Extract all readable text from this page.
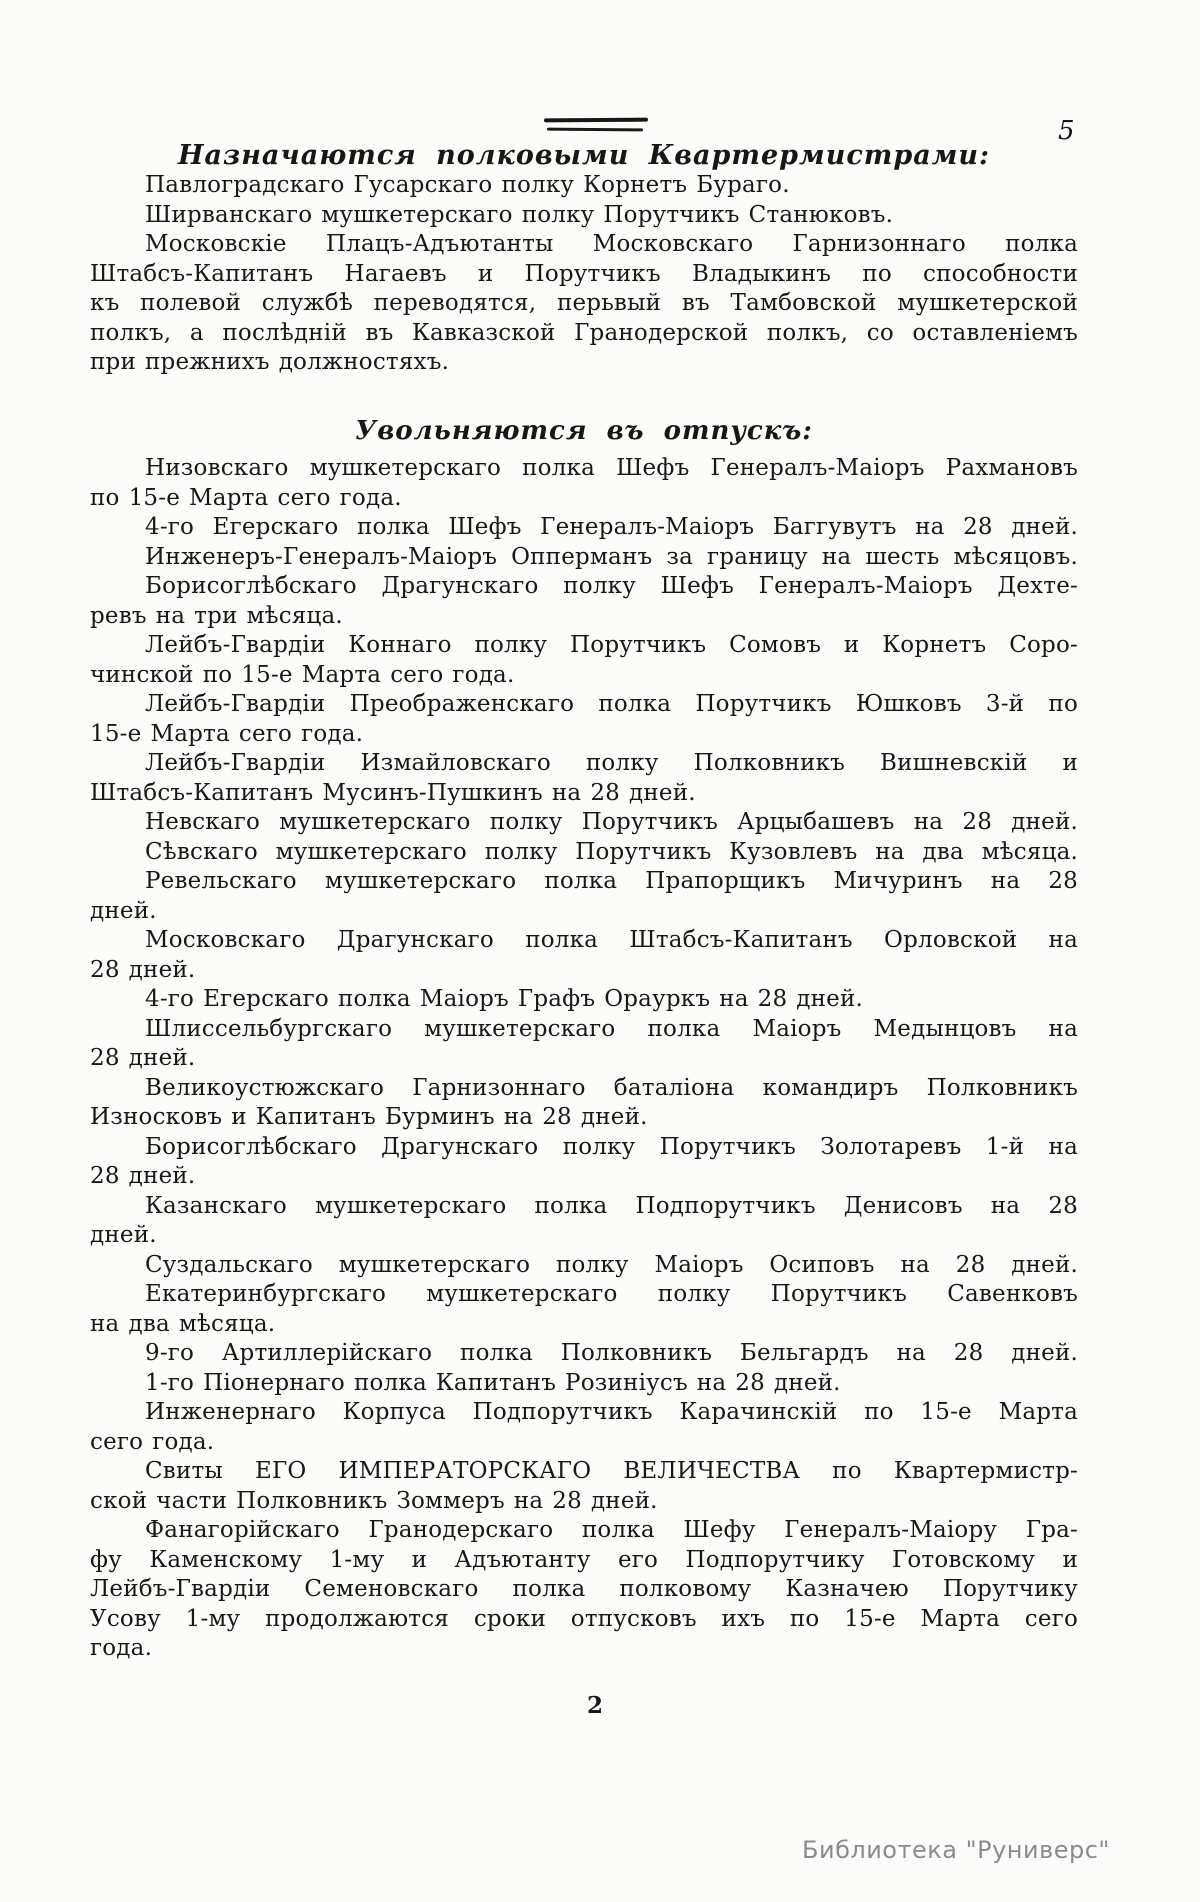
5
Назначаются полковыми Квартермистрами:
Павлоградскаго Гусарскаго полку Корнетъ Бураго.
Ширванскаго мушкетерскаго полку Порутчикъ Станюковъ.
Московскіе Плацъ-Адъютанты Московскаго Гарнизоннаго полка
Штабсъ-Капитанъ Нагаевъ и Порутчикъ Владыкинъ по способности
къ полевой службѣ переводятся, перьвый въ Тамбовской мушкетерской
полкъ, а послѣдній въ Кавказской Гранодерской полкъ, со оставленіемъ
при прежнихъ должностяхъ.
Увольняются въ отпускъ:
Низовскаго мушкетерскаго полка Шефъ Генералъ-Маіоръ Рахмановъ
по 15-е Марта сего года.
4-го Егерскаго полка Шефъ Генералъ-Маіоръ Баггувутъ на 28 дней.
Инженеръ-Генералъ-Маіоръ Опперманъ за границу на шесть мѣсяцовъ.
Борисоглѣбскаго Драгунскаго полку Шефъ Генералъ-Маіоръ Дехте-
ревъ на три мѣсяца.
Лейбъ-Гвардіи Коннаго полку Порутчикъ Сомовъ и Корнетъ Соро-
чинской по 15-е Марта сего года.
Лейбъ-Гвардіи Преображенскаго полка Порутчикъ Юшковъ 3-й по
15-е Марта сего года.
Лейбъ-Гвардіи Измайловскаго полку Полковникъ Вишневскій и
Штабсъ-Капитанъ Мусинъ-Пушкинъ на 28 дней.
Невскаго мушкетерскаго полку Порутчикъ Арцыбашевъ на 28 дней.
Сѣвскаго мушкетерскаго полку Порутчикъ Кузовлевъ на два мѣсяца.
Ревельскаго мушкетерскаго полка Прапорщикъ Мичуринъ на 28
дней.
Московскаго Драгунскаго полка Штабсъ-Капитанъ Орловской на
28 дней.
4-го Егерскаго полка Маіоръ Графъ Орауркъ на 28 дней.
Шлиссельбургскаго мушкетерскаго полка Маіоръ Медынцовъ на
28 дней.
Великоустюжскаго Гарнизоннаго баталіона командиръ Полковникъ
Износковъ и Капитанъ Бурминъ на 28 дней.
Борисоглѣбскаго Драгунскаго полку Порутчикъ Золотаревъ 1-й на
28 дней.
Казанскаго мушкетерскаго полка Подпорутчикъ Денисовъ на 28
дней.
Суздальскаго мушкетерскаго полку Маіоръ Осиповъ на 28 дней.
Екатеринбургскаго мушкетерскаго полку Порутчикъ Савенковъ
на два мѣсяца.
9-го Артиллерійскаго полка Полковникъ Бельгардъ на 28 дней.
1-го Піонернаго полка Капитанъ Розиніусъ на 28 дней.
Инженернаго Корпуса Подпорутчикъ Карачинскій по 15-е Марта
сего года.
Свиты ЕГО ИМПЕРАТОРСКАГО ВЕЛИЧЕСТВА по Квартермистр-
ской части Полковникъ Зоммеръ на 28 дней.
Фанагорійскаго Гранодерскаго полка Шефу Генералъ-Маіору Гра-
фу Каменскому 1-му и Адъютанту его Подпорутчику Готовскому и
Лейбъ-Гвардіи Семеновскаго полка полковому Казначею Порутчику
Усову 1-му продолжаются сроки отпусковъ ихъ по 15-е Марта сего
года.
2
Библиотека "Руниверс"
